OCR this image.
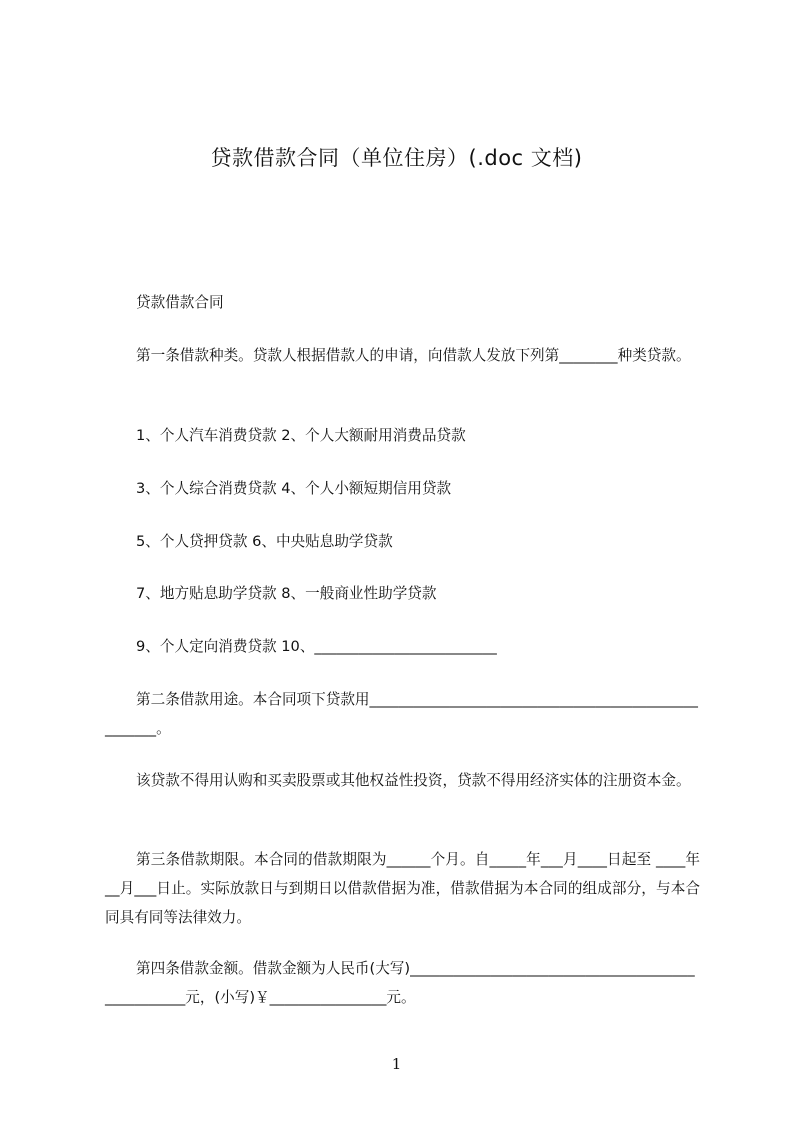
贷款借款合同（单位住房）(.doc 文档)

贷款借款合同

第一条借款种类。贷款人根据借款人的申请，向借款人发放下列第________种类贷款。

1、个人汽车消费贷款 2、个人大额耐用消费品贷款

3、个人综合消费贷款 4、个人小额短期信用贷款

5、个人贷押贷款 6、中央贴息助学贷款

7、地方贴息助学贷款 8、一般商业性助学贷款

9、个人定向消费贷款 10、_________________________

第二条借款用途。本合同项下贷款用____________________________________________________。

该贷款不得用认购和买卖股票或其他权益性投资，贷款不得用经济实体的注册资本金。

第三条借款期限。本合同的借款期限为______个月。自_____年___月____日起至 ____年__月___日止。实际放款日与到期日以借款借据为准，借款借据为本合同的组成部分，与本合同具有同等法律效力。

第四条借款金额。借款金额为人民币(大写)__________________________________________________元，(小写)￥________________元。

1
